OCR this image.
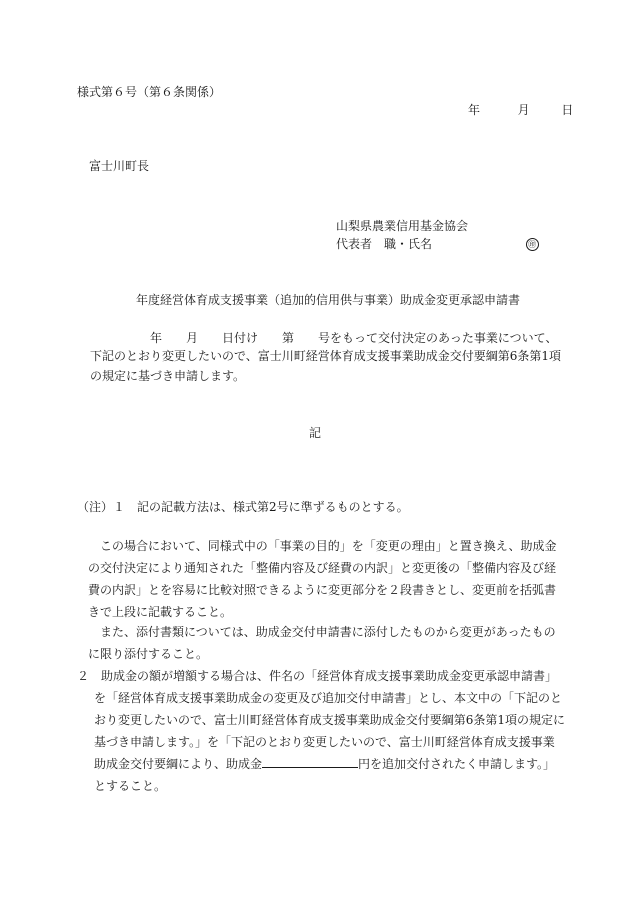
様式第６号（第６条関係）
年	月	日
富士川町長
山梨県農業信用基金協会
代表者　職・氏名	㊞
年度経営体育成支援事業（追加的信用供与事業）助成金変更承認申請書
年　　月　　日付け　　第　　号をもって交付決定のあった事業について、
下記のとおり変更したいので、富士川町経営体育成支援事業助成金交付要綱第6条第1項
の規定に基づき申請します。
記
（注）１　記の記載方法は、様式第2号に準ずるものとする。
この場合において、同様式中の「事業の目的」を「変更の理由」と置き換え、助成金
の交付決定により通知された「整備内容及び経費の内訳」と変更後の「整備内容及び経
費の内訳」とを容易に比較対照できるように変更部分を２段書きとし、変更前を括弧書
きで上段に記載すること。
また、添付書類については、助成金交付申請書に添付したものから変更があったもの
に限り添付すること。
２　助成金の額が増額する場合は、件名の「経営体育成支援事業助成金変更承認申請書」
を「経営体育成支援事業助成金の変更及び追加交付申請書」とし、本文中の「下記のと
おり変更したいので、富士川町経営体育成支援事業助成金交付要綱第6条第1項の規定に
基づき申請します。」を「下記のとおり変更したいので、富士川町経営体育成支援事業
助成金交付要綱により、助成金	円を追加交付されたく申請します。」
とすること。
